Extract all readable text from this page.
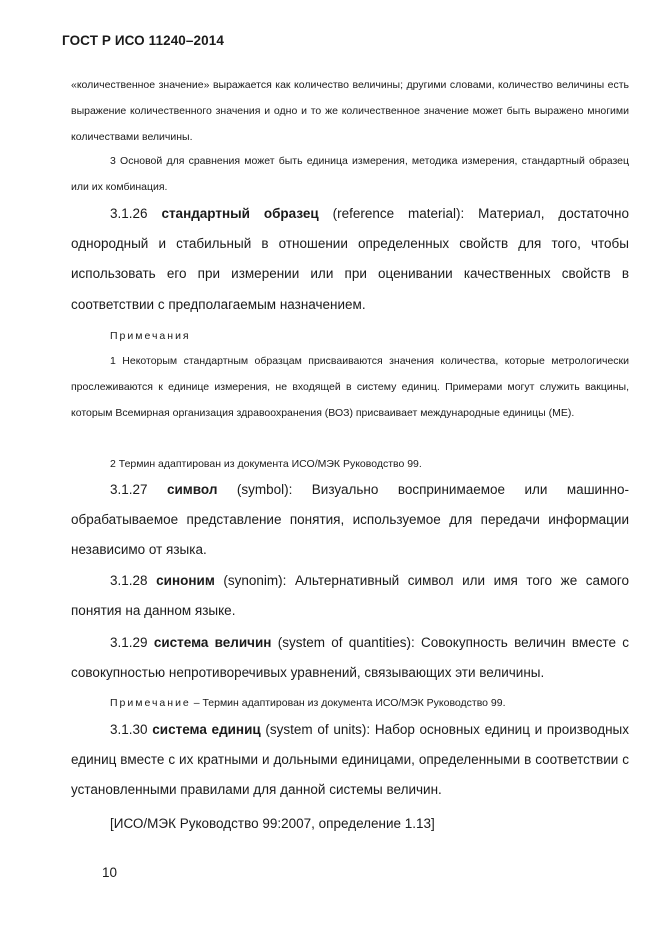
ГОСТ Р ИСО 11240–2014

«количественное значение» выражается как количество величины; другими словами, количество величины есть выражение количественного значения и одно и то же количественное значение может быть выражено многими количествами величины.

3 Основой для сравнения может быть единица измерения, методика измерения, стандартный образец или их комбинация.

3.1.26 стандартный образец (reference material): Материал, достаточно однородный и стабильный в отношении определенных свойств для того, чтобы использовать его при измерении или при оценивании качественных свойств в соответствии с предполагаемым назначением.

Примечания

1 Некоторым стандартным образцам присваиваются значения количества, которые метрологически прослеживаются к единице измерения, не входящей в систему единиц. Примерами могут служить вакцины, которым Всемирная организация здравоохранения (ВОЗ) присваивает международные единицы (МЕ).

2 Термин адаптирован из документа ИСО/МЭК Руководство 99.

3.1.27 символ (symbol): Визуально воспринимаемое или машинно-обрабатываемое представление понятия, используемое для передачи информации независимо от языка.

3.1.28 синоним (synonim): Альтернативный символ или имя того же самого понятия на данном языке.

3.1.29 система величин (system of quantities): Совокупность величин вместе с совокупностью непротиворечивых уравнений, связывающих эти величины.

Примечание – Термин адаптирован из документа ИСО/МЭК Руководство 99.

3.1.30 система единиц (system of units): Набор основных единиц и производных единиц вместе с их кратными и дольными единицами, определенными в соответствии с установленными правилами для данной системы величин.

[ИСО/МЭК Руководство 99:2007, определение 1.13]

10
